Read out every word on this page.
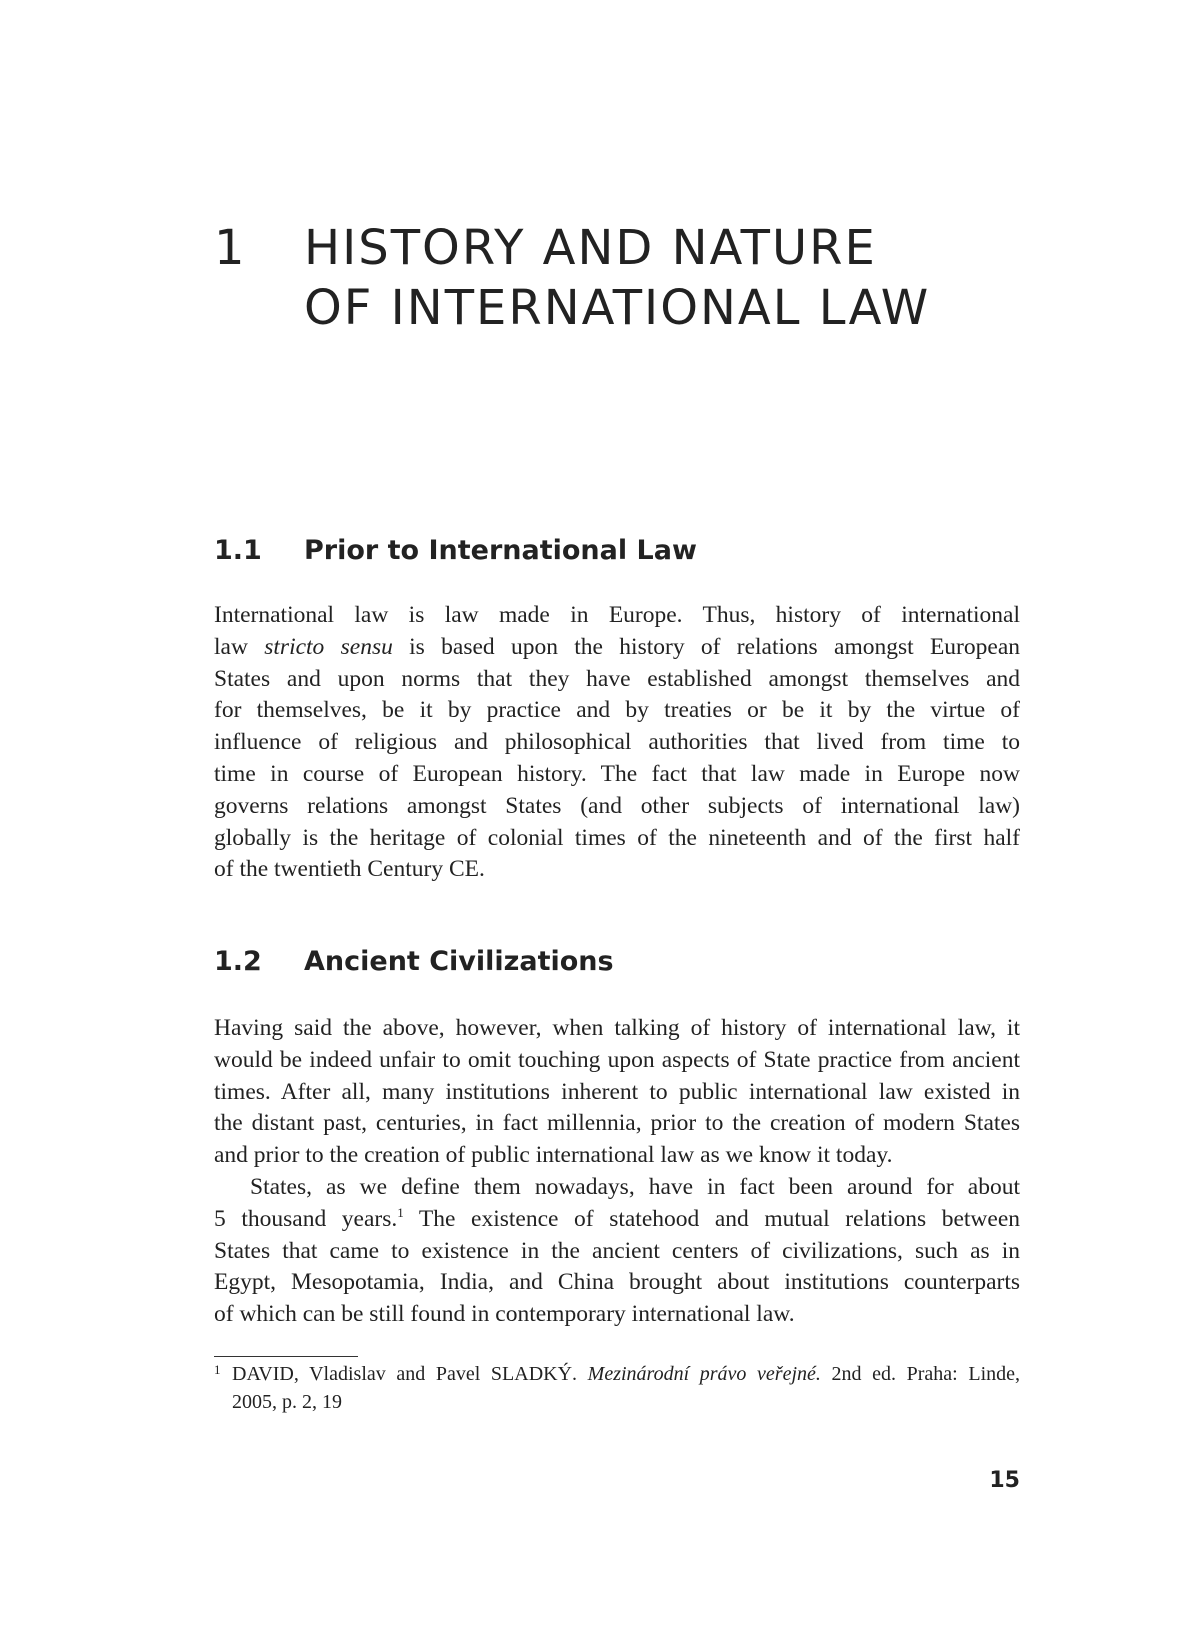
1 HISTORY AND NATURE
OF INTERNATIONAL LAW
1.1 Prior to International Law
International law is law made in Europe. Thus, history of international
law stricto sensu is based upon the history of relations amongst European
States and upon norms that they have established amongst themselves and
for themselves, be it by practice and by treaties or be it by the virtue of
influence of religious and philosophical authorities that lived from time to
time in course of European history. The fact that law made in Europe now
governs relations amongst States (and other subjects of international law)
globally is the heritage of colonial times of the nineteenth and of the first half
of the twentieth Century CE.
1.2 Ancient Civilizations
Having said the above, however, when talking of history of international law, it
would be indeed unfair to omit touching upon aspects of State practice from ancient
times. After all, many institutions inherent to public international law existed in
the distant past, centuries, in fact millennia, prior to the creation of modern States
and prior to the creation of public international law as we know it today.
States, as we define them nowadays, have in fact been around for about
5 thousand years.$^1$ The existence of statehood and mutual relations between
States that came to existence in the ancient centers of civilizations, such as in
Egypt, Mesopotamia, India, and China brought about institutions counterparts
of which can be still found in contemporary international law.
1 DAVID, Vladislav and Pavel SLADKÝ. Mezinárodní právo veřejné. 2nd ed. Praha: Linde,
2005, p. 2, 19
15
